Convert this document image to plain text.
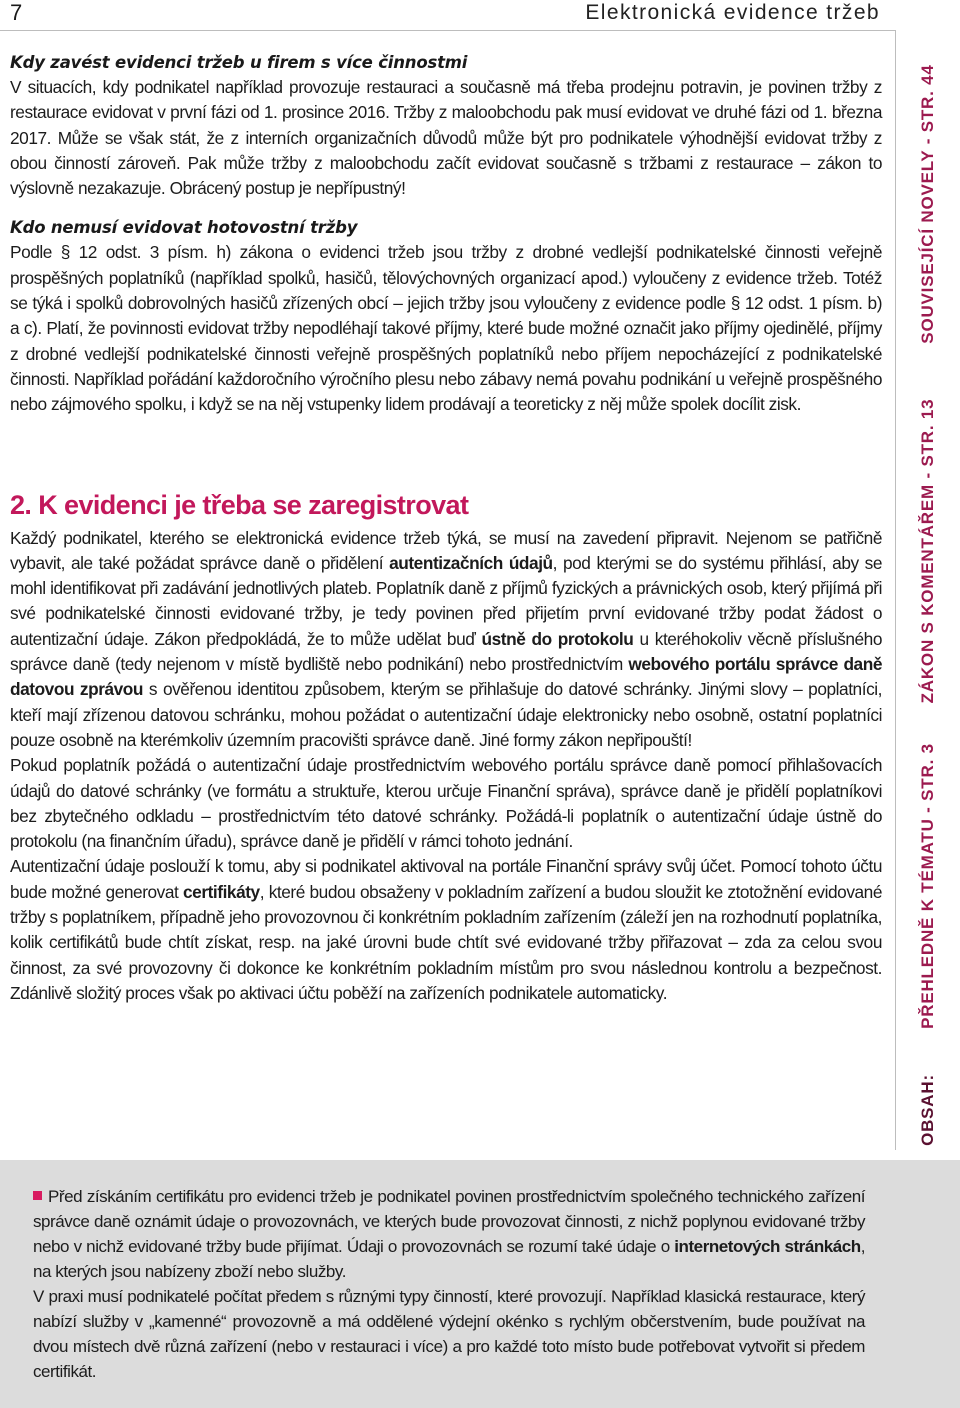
7	Elektronická evidence tržeb
Kdy zavést evidenci tržeb u firem s více činnostmi

V situacích, kdy podnikatel například provozuje restauraci a současně má třeba prodejnu potravin, je povinen tržby z restaurace evidovat v první fázi od 1. prosince 2016. Tržby z maloobchodu pak musí evidovat ve druhé fázi od 1. března 2017. Může se však stát, že z interních organizačních důvodů může být pro podnikatele výhodnější evidovat tržby z obou činností zároveň. Pak může tržby z maloobchodu začít evidovat současně s tržbami z restaurace – zákon to výslovně nezakazuje. Obrácený postup je nepřípustný!

Kdo nemusí evidovat hotovostní tržby

Podle § 12 odst. 3 písm. h) zákona o evidenci tržeb jsou tržby z drobné vedlejší podnikatelské činnosti veřejně prospěšných poplatníků (například spolků, hasičů, tělovýchovných organizací apod.) vyloučeny z evidence tržeb. Totéž se týká i spolků dobrovolných hasičů zřízených obcí – jejich tržby jsou vyloučeny z evidence podle § 12 odst. 1 písm. b) a c). Platí, že povinnosti evidovat tržby nepodléhají takové příjmy, které bude možné označit jako příjmy ojedinělé, příjmy z drobné vedlejší podnikatelské činnosti veřejně prospěšných poplatníků nebo příjem nepocházející z podnikatelské činnosti. Například pořádání každoročního výročního plesu nebo zábavy nemá povahu podnikání u veřejně prospěšného nebo zájmového spolku, i když se na něj vstupenky lidem prodávají a teoreticky z něj může spolek docílit zisk.

2. K evidenci je třeba se zaregistrovat

Každý podnikatel, kterého se elektronická evidence tržeb týká, se musí na zavedení připravit. Nejenom se patřičně vybavit, ale také požádat správce daně o přidělení autentizačních údajů, pod kterými se do systému přihlásí, aby se mohl identifikovat při zadávání jednotlivých plateb. Poplatník daně z příjmů fyzických a právnických osob, který přijímá při své podnikatelské činnosti evidované tržby, je tedy povinen před přijetím první evidované tržby podat žádost o autentizační údaje. Zákon předpokládá, že to může udělat buď ústně do protokolu u kteréhokoliv věcně příslušného správce daně (tedy nejenom v místě bydliště nebo podnikání) nebo prostřednictvím webového portálu správce daně datovou zprávou s ověřenou identitou způsobem, kterým se přihlašuje do datové schránky. Jinými slovy – poplatníci, kteří mají zřízenou datovou schránku, mohou požádat o autentizační údaje elektronicky nebo osobně, ostatní poplatníci pouze osobně na kterémkoliv územním pracovišti správce daně. Jiné formy zákon nepřipouští!

Pokud poplatník požádá o autentizační údaje prostřednictvím webového portálu správce daně pomocí přihlašovacích údajů do datové schránky (ve formátu a struktuře, kterou určuje Finanční správa), správce daně je přidělí poplatníkovi bez zbytečného odkladu – prostřednictvím této datové schránky. Požádá-li poplatník o autentizační údaje ústně do protokolu (na finančním úřadu), správce daně je přidělí v rámci tohoto jednání.

Autentizační údaje poslouží k tomu, aby si podnikatel aktivoval na portále Finanční správy svůj účet. Pomocí tohoto účtu bude možné generovat certifikáty, které budou obsaženy v pokladním zařízení a budou sloužit ke ztotožnění evidované tržby s poplatníkem, případně jeho provozovnou či konkrétním pokladním zařízením (záleží jen na rozhodnutí poplatníka, kolik certifikátů bude chtít získat, resp. na jaké úrovni bude chtít své evidované tržby přiřazovat – zda za celou svou činnost, za své provozovny či dokonce ke konkrétním pokladním místům pro svou následnou kontrolu a bezpečnost. Zdánlivě složitý proces však po aktivaci účtu poběží na zařízeních podnikatele automaticky.

OBSAH:
PŘEHLEDNĚ K TÉMATU - STR. 3
ZÁKON S KOMENTÁŘEM - STR. 13
SOUVISEJÍCÍ NOVELY - STR. 44

Před získáním certifikátu pro evidenci tržeb je podnikatel povinen prostřednictvím společného technického zařízení správce daně oznámit údaje o provozovnách, ve kterých bude provozovat činnosti, z nichž poplynou evidované tržby nebo v nichž evidované tržby bude přijímat. Údaji o provozovnách se rozumí také údaje o internetových stránkách, na kterých jsou nabízeny zboží nebo služby.

V praxi musí podnikatelé počítat předem s různými typy činností, které provozují. Například klasická restaurace, který nabízí služby v „kamenné“ provozovně a má oddělené výdejní okénko s rychlým občerstvením, bude používat na dvou místech dvě různá zařízení (nebo v restauraci i více) a pro každé toto místo bude potřebovat vytvořit si předem certifikát.
